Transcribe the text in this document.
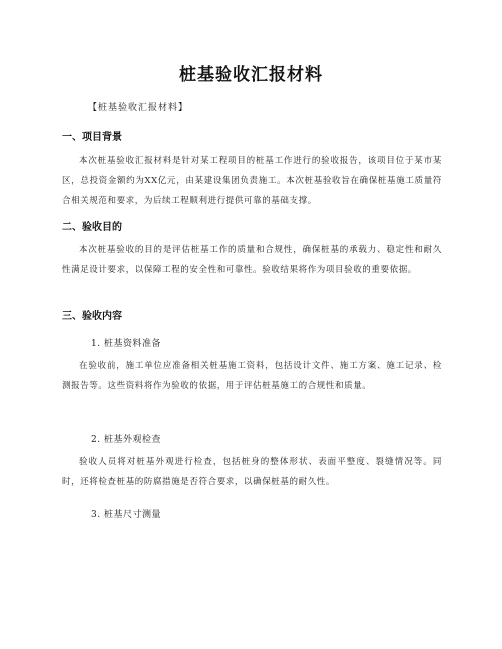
桩基验收汇报材料
【桩基验收汇报材料】
一、项目背景

本次桩基验收汇报材料是针对某工程项目的桩基工作进行的验收报告，该项目位于某市某区，总投资金额约为XX亿元，由某建设集团负责施工。本次桩基验收旨在确保桩基施工质量符合相关规范和要求，为后续工程顺利进行提供可靠的基础支撑。

二、验收目的

本次桩基验收的目的是评估桩基工作的质量和合规性，确保桩基的承载力、稳定性和耐久性满足设计要求，以保障工程的安全性和可靠性。验收结果将作为项目验收的重要依据。

三、验收内容
1. 桩基资料准备

在验收前，施工单位应准备相关桩基施工资料，包括设计文件、施工方案、施工记录、检测报告等。这些资料将作为验收的依据，用于评估桩基施工的合规性和质量。

2. 桩基外观检查

验收人员将对桩基外观进行检查，包括桩身的整体形状、表面平整度、裂缝情况等。同时，还将检查桩基的防腐措施是否符合要求，以确保桩基的耐久性。

3. 桩基尺寸测量
